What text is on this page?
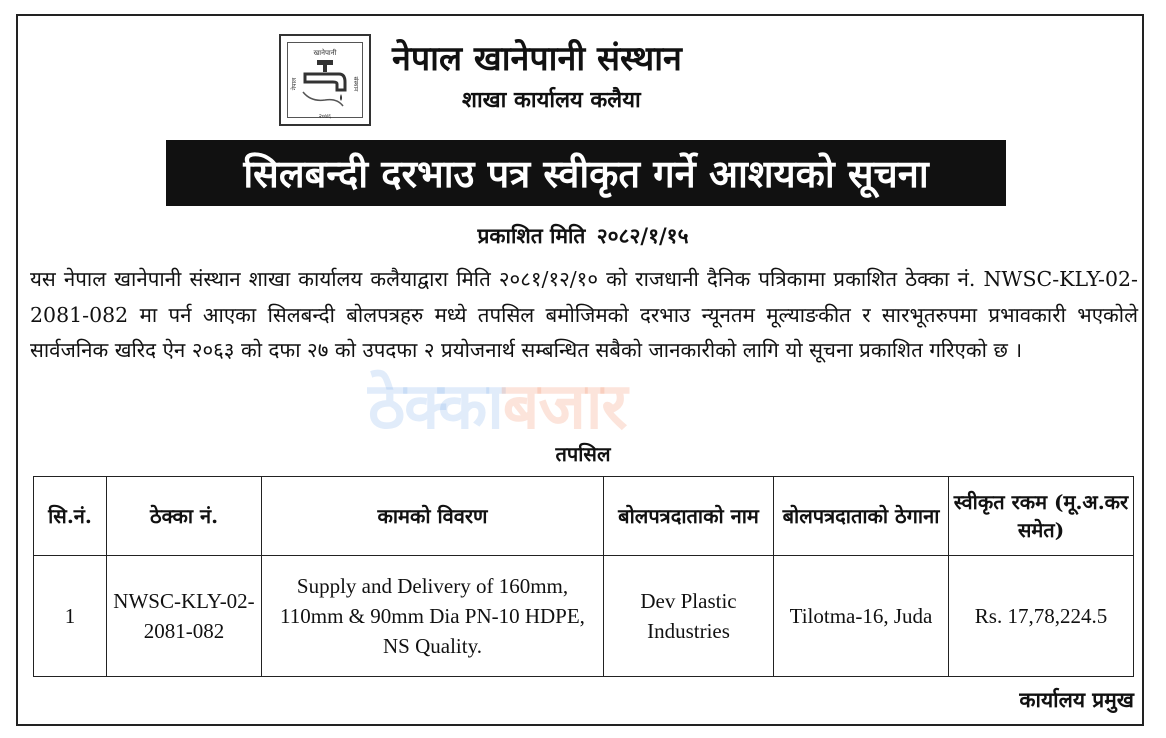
खानेपानी
२०४६
नेपाल	संस्थान
नेपाल खानेपानी संस्थान
शाखा कार्यालय कलैया
सिलबन्दी दरभाउ पत्र स्वीकृत गर्ने आशयको सूचना
प्रकाशित मिति २०८२/१/१५
यस नेपाल खानेपानी संस्थान शाखा कार्यालय कलैयाद्वारा मिति २०८१/१२/१० को राजधानी दैनिक पत्रिकामा प्रकाशित ठेक्का नं. NWSC-KLY-02-2081-082 मा पर्न आएका सिलबन्दी बोलपत्रहरु मध्ये तपसिल बमोजिमको दरभाउ न्यूनतम मूल्याङकीत र सारभूतरुपमा प्रभावकारी भएकोले सार्वजनिक खरिद ऐन २०६३ को दफा २७ को उपदफा २ प्रयोजनार्थ सम्बन्धित सबैको जानकारीको लागि यो सूचना प्रकाशित गरिएको छ ।
ठेक्काबजार
तपसिल
सि.नं.	ठेक्का नं.	कामको विवरण	बोलपत्रदाताको नाम	बोलपत्रदाताको ठेगाना	स्वीकृत रकम (मू.अ.कर समेत)
1	NWSC-KLY-02-2081-082	Supply and Delivery of 160mm, 110mm & 90mm Dia PN-10 HDPE, NS Quality.	Dev Plastic Industries	Tilotma-16, Juda	Rs. 17,78,224.5
कार्यालय प्रमुख
